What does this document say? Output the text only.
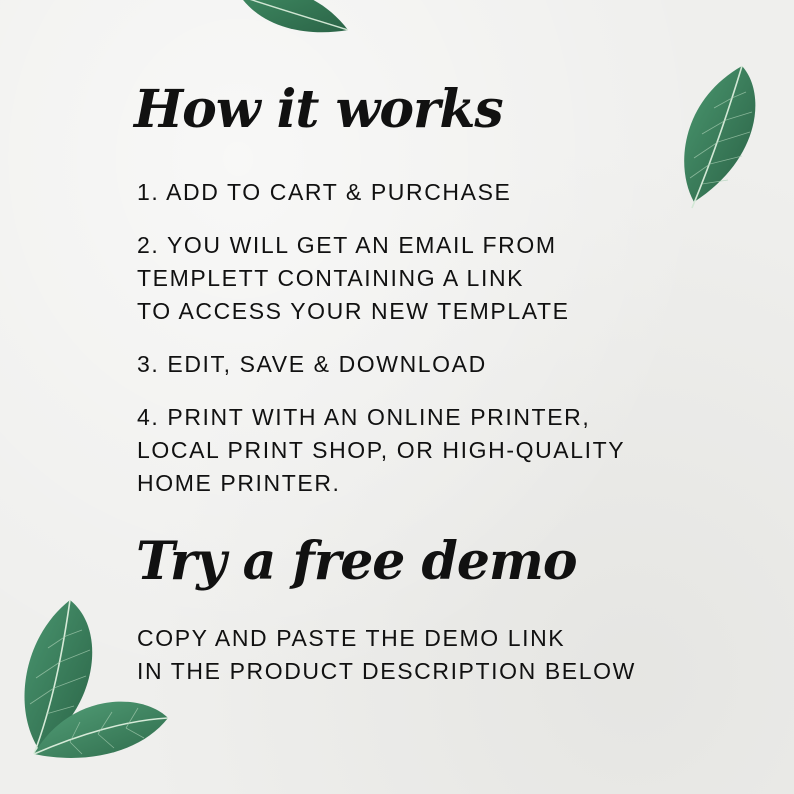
How it works
1. ADD TO CART & PURCHASE
2. YOU WILL GET AN EMAIL FROM
TEMPLETT CONTAINING A LINK
TO ACCESS YOUR NEW TEMPLATE
3. EDIT, SAVE & DOWNLOAD
4. PRINT WITH AN ONLINE PRINTER,
LOCAL PRINT SHOP, OR HIGH-QUALITY
HOME PRINTER.
Try a free demo
COPY AND PASTE THE DEMO LINK
IN THE PRODUCT DESCRIPTION BELOW
